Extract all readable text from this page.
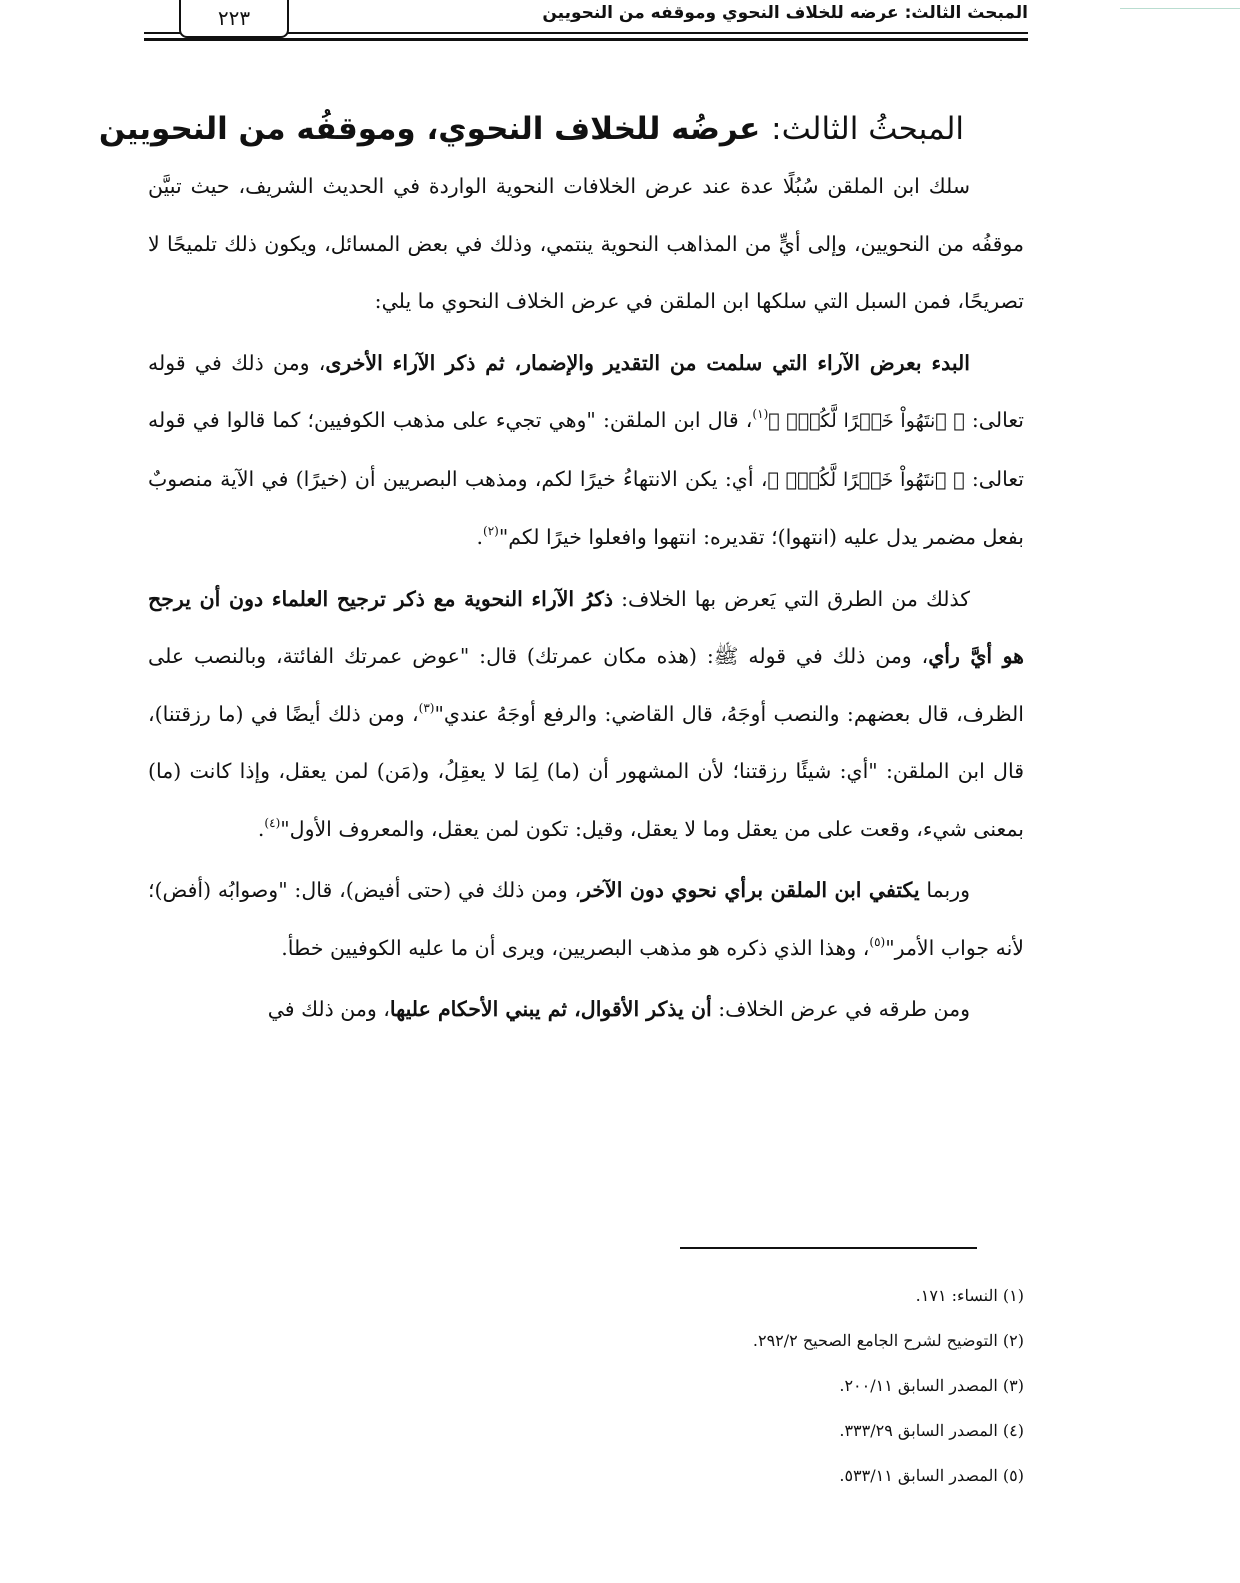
٢٢٣	المبحث الثالث: عرضه للخلاف النحوي وموقفه من النحويين
المبحثُ الثالث: عرضُه للخلاف النحوي، وموقفُه من النحويين

سلك ابن الملقن سُبُلًا عدة عند عرض الخلافات النحوية الواردة في الحديث الشريف، حيث تبيَّن موقفُه من النحويين، وإلى أيٍّ من المذاهب النحوية ينتمي، وذلك في بعض المسائل، ويكون ذلك تلميحًا لا تصريحًا، فمن السبل التي سلكها ابن الملقن في عرض الخلاف النحوي ما يلي:

البدء بعرض الآراء التي سلمت من التقدير والإضمار، ثم ذكر الآراء الأخرى، ومن ذلك في قوله تعالى: ﴿ ٱنتَهُواْ خَيۡرًا لَّكُمۡۚ ﴾$^{(١)}$، قال ابن الملقن: "وهي تجيء على مذهب الكوفيين؛ كما قالوا في قوله تعالى: ﴿ ٱنتَهُواْ خَيۡرًا لَّكُمۡۚ ﴾، أي: يكن الانتهاءُ خيرًا لكم، ومذهب البصريين أن (خيرًا) في الآية منصوبٌ بفعل مضمر يدل عليه (انتهوا)؛ تقديره: انتهوا وافعلوا خيرًا لكم"$^{(٢)}$.

كذلك من الطرق التي يَعرض بها الخلاف: ذكرُ الآراء النحوية مع ذكر ترجيح العلماء دون أن يرجح هو أيَّ رأي، ومن ذلك في قوله ﷺ: (هذه مكان عمرتك) قال: "عوض عمرتك الفائتة، وبالنصب على الظرف، قال بعضهم: والنصب أوجَهُ، قال القاضي: والرفع أوجَهُ عندي"$^{(٣)}$، ومن ذلك أيضًا في (ما رزقتنا)، قال ابن الملقن: "أي: شيئًا رزقتنا؛ لأن المشهور أن (ما) لِمَا لا يعقِلُ، و(مَن) لمن يعقل، وإذا كانت (ما) بمعنى شيء، وقعت على من يعقل وما لا يعقل، وقيل: تكون لمن يعقل، والمعروف الأول"$^{(٤)}$.

وربما يكتفي ابن الملقن برأي نحوي دون الآخر، ومن ذلك في (حتى أفيض)، قال: "وصوابُه (أفض)؛ لأنه جواب الأمر"$^{(٥)}$، وهذا الذي ذكره هو مذهب البصريين، ويرى أن ما عليه الكوفيين خطأ.

ومن طرقه في عرض الخلاف: أن يذكر الأقوال، ثم يبني الأحكام عليها، ومن ذلك في

(١) النساء: ١٧١.
(٢) التوضيح لشرح الجامع الصحيح ٢٩٢/٢.
(٣) المصدر السابق ٢٠٠/١١.
(٤) المصدر السابق ٣٣٣/٢٩.
(٥) المصدر السابق ٥٣٣/١١.
